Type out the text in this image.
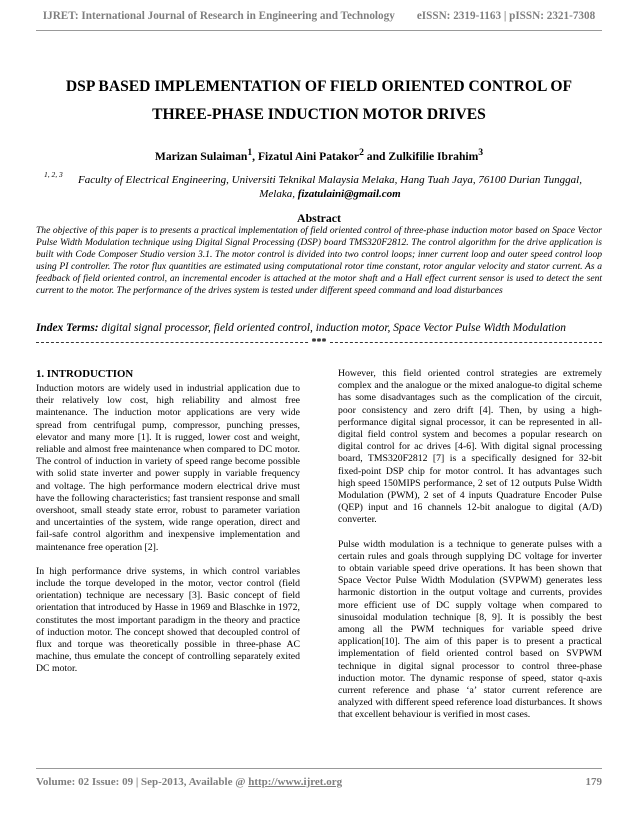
IJRET: International Journal of Research in Engineering and Technology eISSN: 2319-1163 | pISSN: 2321-7308
DSP BASED IMPLEMENTATION OF FIELD ORIENTED CONTROL OF
THREE-PHASE INDUCTION MOTOR DRIVES
Marizan Sulaiman$^1$, Fizatul Aini Patakor$^2$ and Zulkifilie Ibrahim$^3$
1, 2, 3	Faculty of Electrical Engineering, Universiti Teknikal Malaysia Melaka, Hang Tuah Jaya, 76100 Durian Tunggal,
Melaka, fizatulaini@gmail.com
Abstract
The objective of this paper is to presents a practical implementation of field oriented control of three-phase induction motor based on Space Vector Pulse Width Modulation technique using Digital Signal Processing (DSP) board TMS320F2812. The control algorithm for the drive application is built with Code Composer Studio version 3.1. The motor control is divided into two control loops; inner current loop and outer speed control loop using PI controller. The rotor flux quantities are estimated using computational rotor time constant, rotor angular velocity and stator current. As a feedback of field oriented control, an incremental encoder is attached at the motor shaft and a Hall effect current sensor is used to detect the sent current to the motor. The performance of the drives system is tested under different speed command and load disturbances
Index Terms: digital signal processor, field oriented control, induction motor, Space Vector Pulse Width Modulation
***
1. INTRODUCTION

Induction motors are widely used in industrial application due to their relatively low cost, high reliability and almost free maintenance. The induction motor applications are very wide spread from centrifugal pump, compressor, punching presses, elevator and many more [1]. It is rugged, lower cost and weight, reliable and almost free maintenance when compared to DC motor. The control of induction in variety of speed range become possible with solid state inverter and power supply in variable frequency and voltage. The high performance modern electrical drive must have the following characteristics; fast transient response and small overshoot, small steady state error, robust to parameter variation and uncertainties of the system, wide range operation, direct and fail-safe control algorithm and inexpensive implementation and maintenance free operation [2].

In high performance drive systems, in which control variables include the torque developed in the motor, vector control (field orientation) technique are necessary [3]. Basic concept of field orientation that introduced by Hasse in 1969 and Blaschke in 1972, constitutes the most important paradigm in the theory and practice of induction motor. The concept showed that decoupled control of flux and torque was theoretically possible in three-phase AC machine, thus emulate the concept of controlling separately exited DC motor.

However, this field oriented control strategies are extremely complex and the analogue or the mixed analogue-to digital scheme has some disadvantages such as the complication of the circuit, poor consistency and zero drift [4]. Then, by using a high-performance digital signal processor, it can be represented in all-digital field control system and becomes a popular research on digital control for ac drives [4-6]. With digital signal processing board, TMS320F2812 [7] is a specifically designed for 32-bit fixed-point DSP chip for motor control. It has advantages such high speed 150MIPS performance, 2 set of 12 outputs Pulse Width Modulation (PWM), 2 set of 4 inputs Quadrature Encoder Pulse (QEP) input and 16 channels 12-bit analogue to digital (A/D) converter.

Pulse width modulation is a technique to generate pulses with a certain rules and goals through supplying DC voltage for inverter to obtain variable speed drive operations. It has been shown that Space Vector Pulse Width Modulation (SVPWM) generates less harmonic distortion in the output voltage and currents, provides more efficient use of DC supply voltage when compared to sinusoidal modulation technique [8, 9]. It is possibly the best among all the PWM techniques for variable speed drive application[10]. The aim of this paper is to present a practical implementation of field oriented control based on SVPWM technique in digital signal processor to control three-phase induction motor. The dynamic response of speed, stator q-axis current reference and phase ‘a’ stator current reference are analyzed with different speed reference load disturbances. It shows that excellent behaviour is verified in most cases.

Volume: 02 Issue: 09 | Sep-2013, Available @ http://www.ijret.org	179
